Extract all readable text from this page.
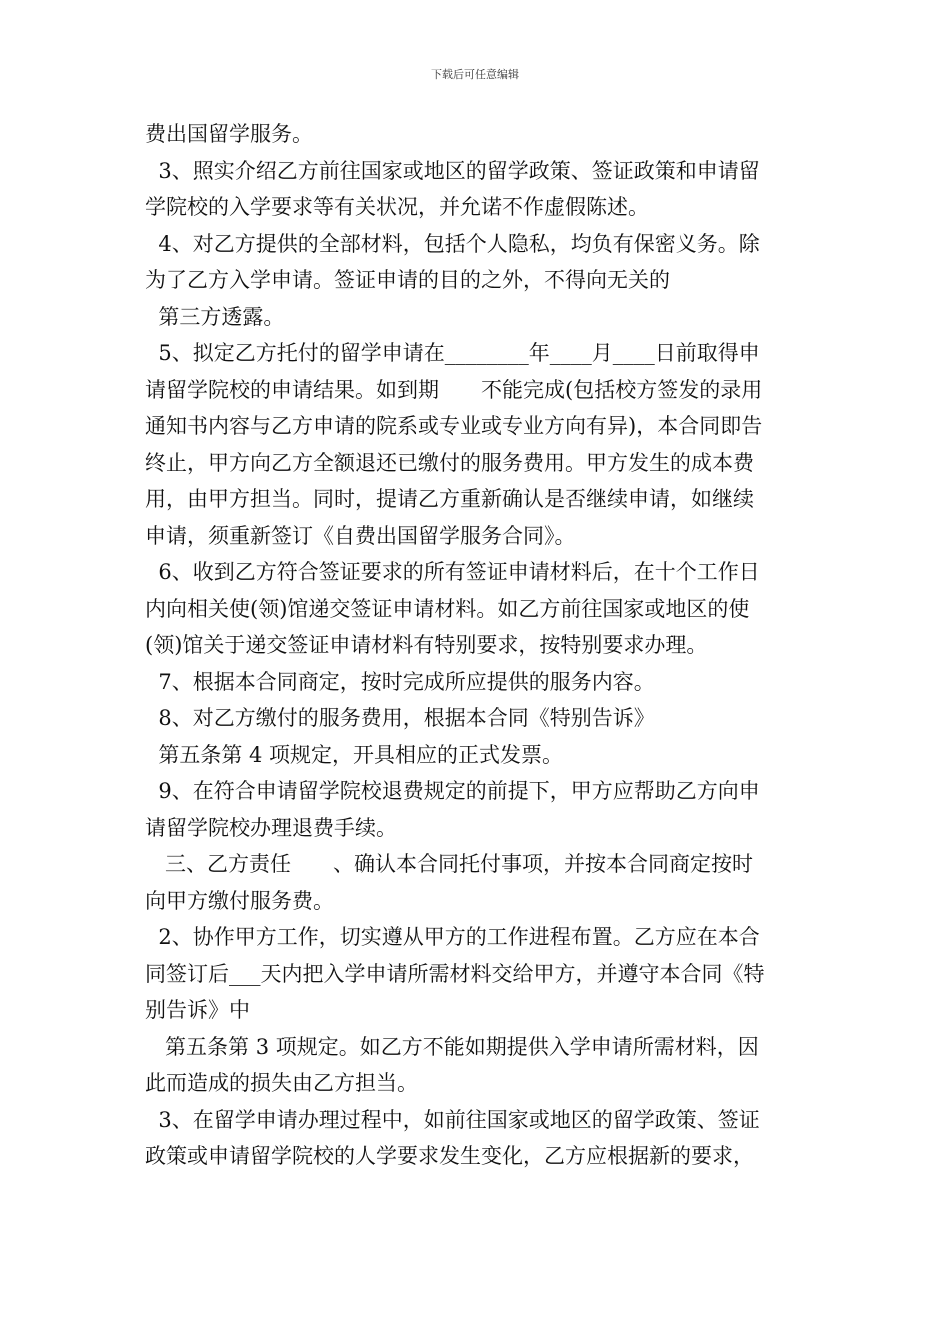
下载后可任意编辑
费出国留学服务。
3、照实介绍乙方前往国家或地区的留学政策、签证政策和申请留
学院校的入学要求等有关状况，并允诺不作虚假陈述。
4、对乙方提供的全部材料，包括个人隐私，均负有保密义务。除
为了乙方入学申请。签证申请的目的之外，不得向无关的
第三方透露。
5、拟定乙方托付的留学申请在________年____月____日前取得申
请留学院校的申请结果。如到期　　不能完成(包括校方签发的录用
通知书内容与乙方申请的院系或专业或专业方向有异)，本合同即告
终止，甲方向乙方全额退还已缴付的服务费用。甲方发生的成本费
用，由甲方担当。同时，提请乙方重新确认是否继续申请，如继续
申请，须重新签订《自费出国留学服务合同》。
6、收到乙方符合签证要求的所有签证申请材料后，在十个工作日
内向相关使(领)馆递交签证申请材料。如乙方前往国家或地区的使
(领)馆关于递交签证申请材料有特别要求，按特别要求办理。
7、根据本合同商定，按时完成所应提供的服务内容。
8、对乙方缴付的服务费用，根据本合同《特别告诉》
第五条第 4 项规定，开具相应的正式发票。
9、在符合申请留学院校退费规定的前提下，甲方应帮助乙方向申
请留学院校办理退费手续。
三、乙方责任　　、确认本合同托付事项，并按本合同商定按时
向甲方缴付服务费。
2、协作甲方工作，切实遵从甲方的工作进程布置。乙方应在本合
同签订后___天内把入学申请所需材料交给甲方，并遵守本合同《特
别告诉》中
第五条第 3 项规定。如乙方不能如期提供入学申请所需材料，因
此而造成的损失由乙方担当。
3、在留学申请办理过程中，如前往国家或地区的留学政策、签证
政策或申请留学院校的人学要求发生变化，乙方应根据新的要求，
